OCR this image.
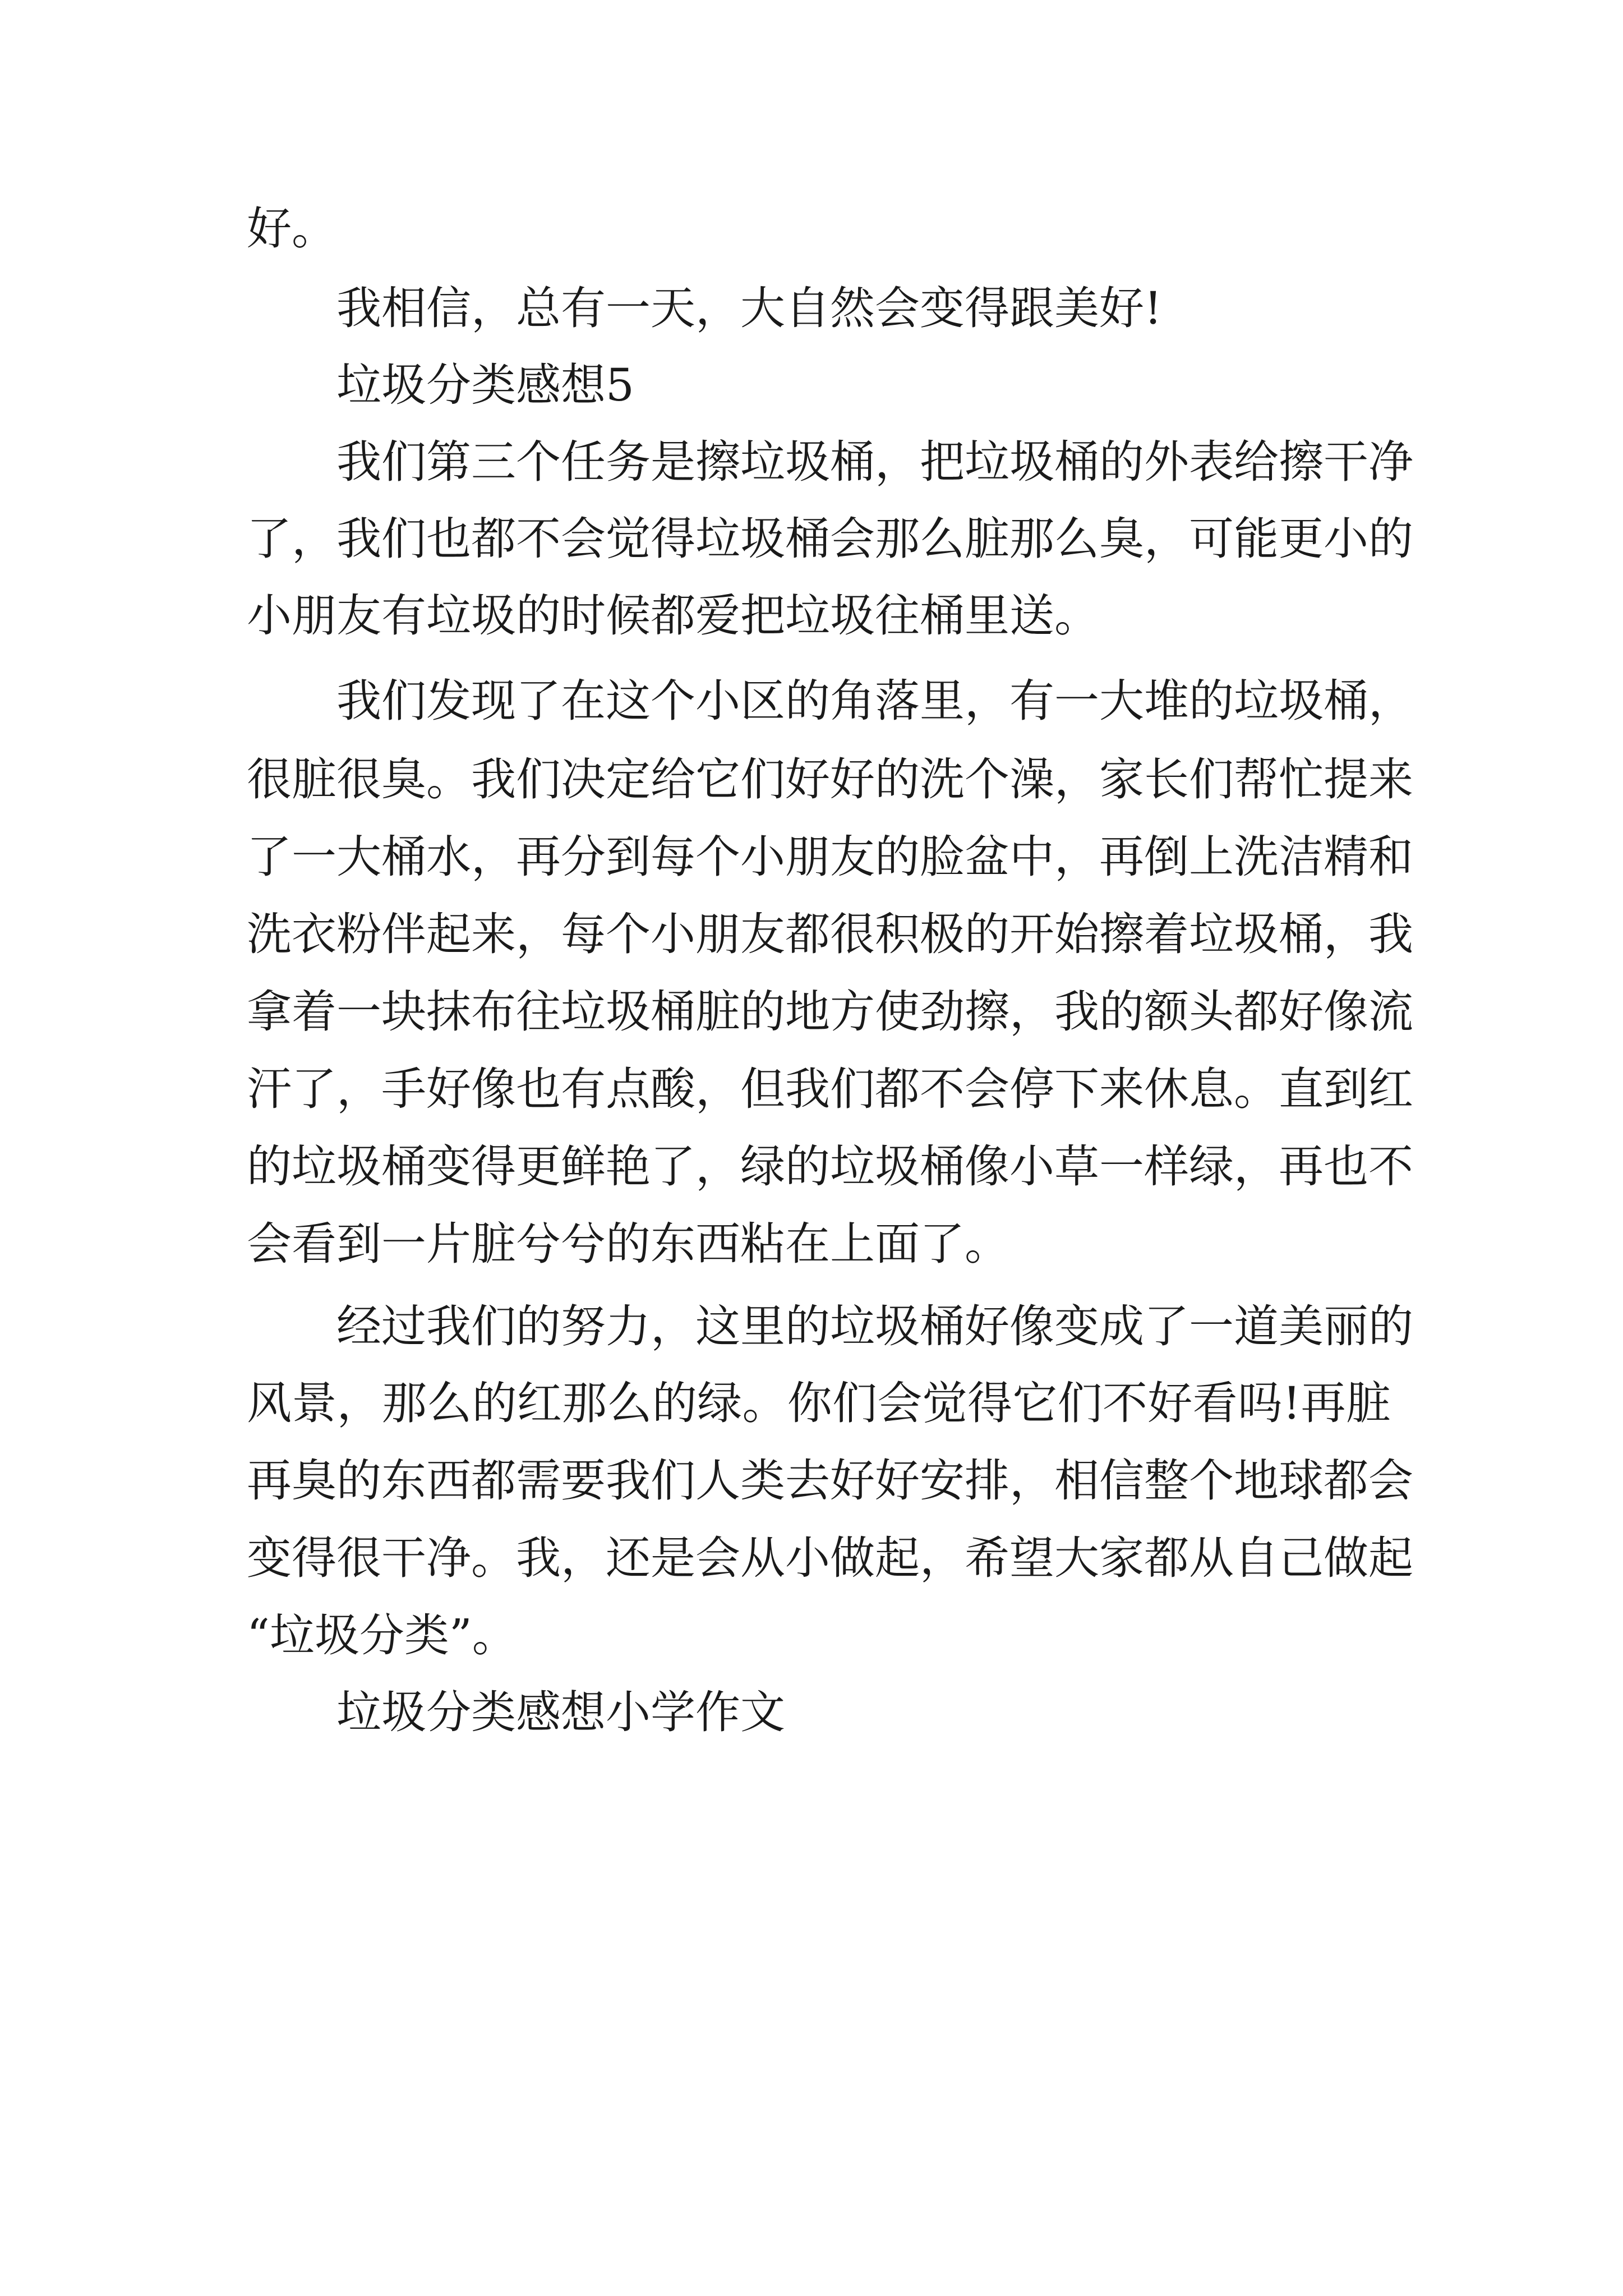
好。

我相信，总有一天，大自然会变得跟美好!

垃圾分类感想5

我们第三个任务是擦垃圾桶，把垃圾桶的外表给擦干净

了，我们也都不会觉得垃圾桶会那么脏那么臭，可能更小的

小朋友有垃圾的时候都爱把垃圾往桶里送。

我们发现了在这个小区的角落里，有一大堆的垃圾桶，

很脏很臭。我们决定给它们好好的洗个澡，家长们帮忙提来

了一大桶水，再分到每个小朋友的脸盆中，再倒上洗洁精和

洗衣粉伴起来，每个小朋友都很积极的开始擦着垃圾桶，我

拿着一块抹布往垃圾桶脏的地方使劲擦，我的额头都好像流

汗了，手好像也有点酸，但我们都不会停下来休息。直到红

的垃圾桶变得更鲜艳了，绿的垃圾桶像小草一样绿，再也不

会看到一片脏兮兮的东西粘在上面了。

经过我们的努力，这里的垃圾桶好像变成了一道美丽的

风景，那么的红那么的绿。你们会觉得它们不好看吗!再脏

再臭的东西都需要我们人类去好好安排，相信整个地球都会

变得很干净。我，还是会从小做起，希望大家都从自己做起

“垃圾分类”。

垃圾分类感想小学作文
